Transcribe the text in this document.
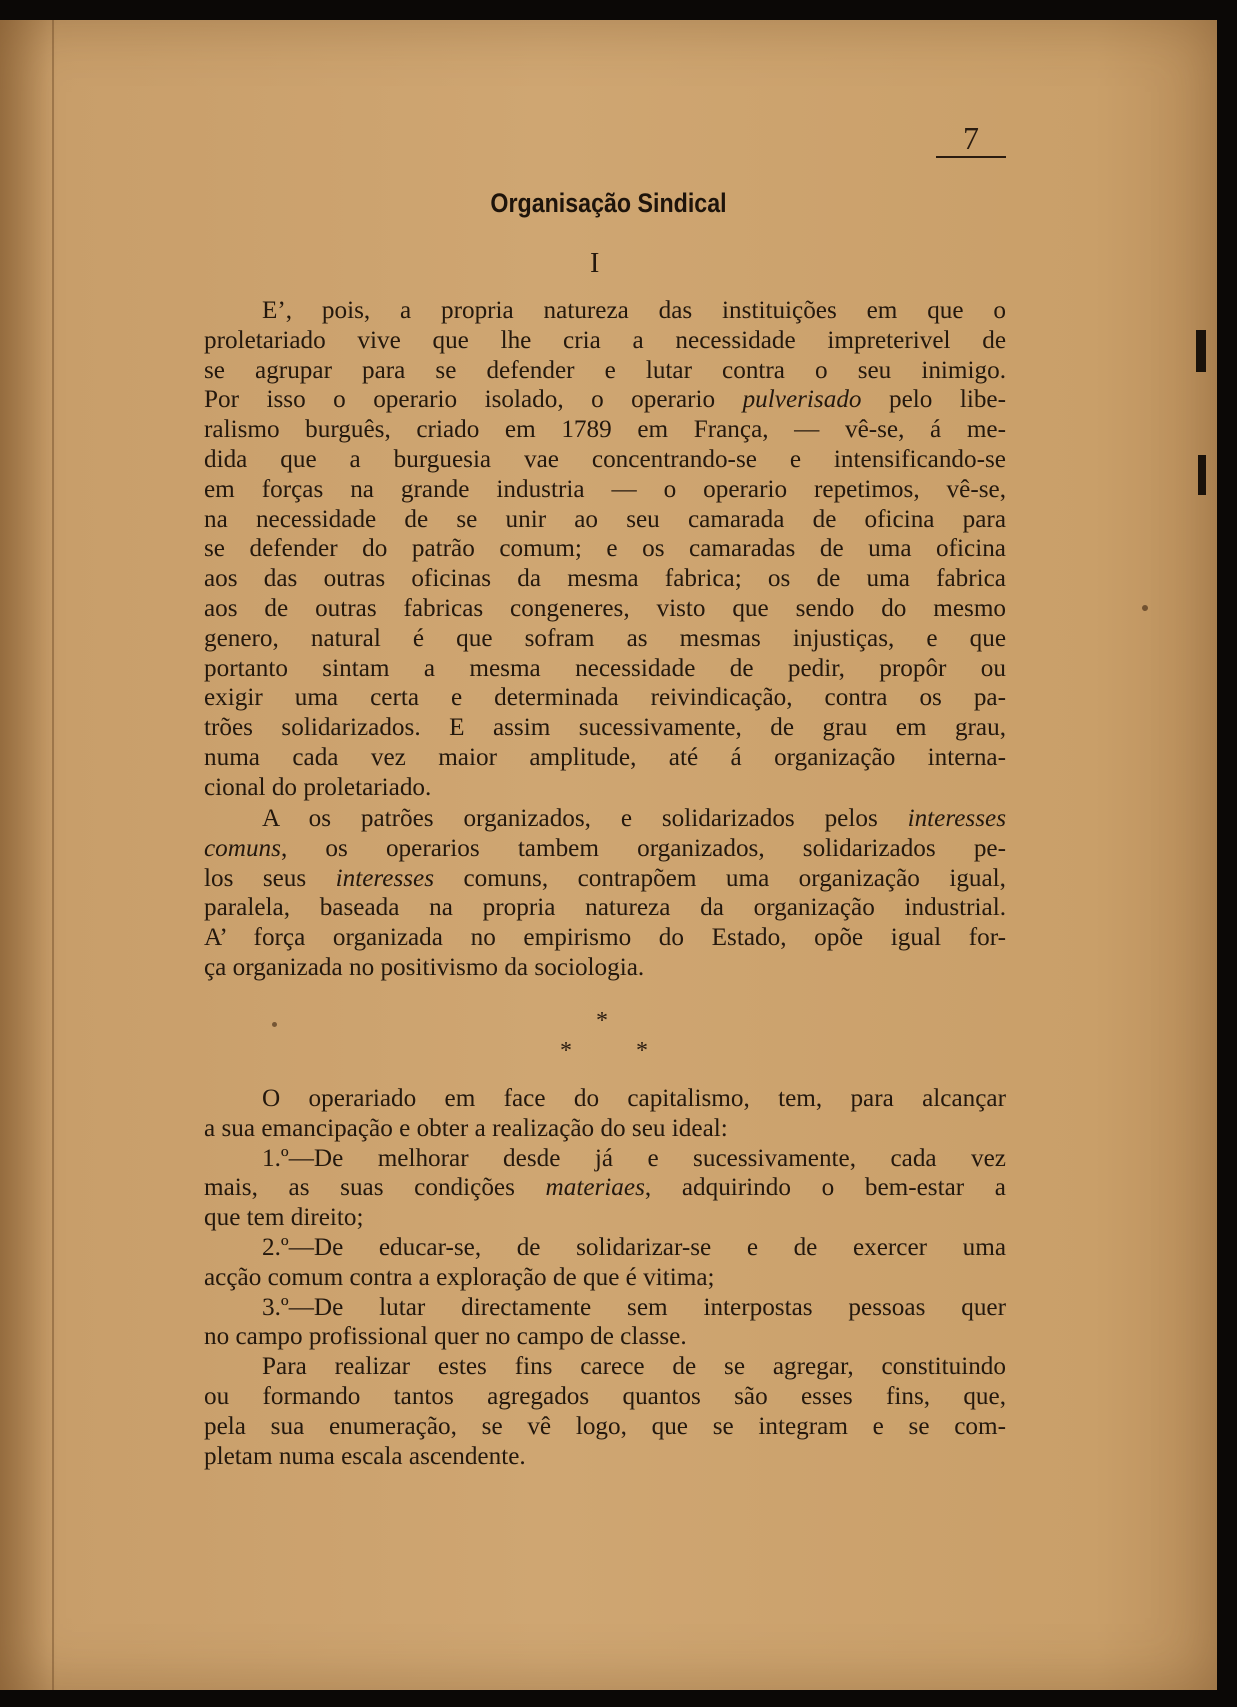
7
Organisação Sindical
I
E’, pois, a propria natureza das instituições em que o
proletariado vive que lhe cria a necessidade impreterivel de
se agrupar para se defender e lutar contra o seu inimigo.
Por isso o operario isolado, o operario pulverisado pelo libe-
ralismo burguês, criado em 1789 em França, — vê-se, á me-
dida que a burguesia vae concentrando-se e intensificando-se
em forças na grande industria — o operario repetimos, vê-se,
na necessidade de se unir ao seu camarada de oficina para
se defender do patrão comum; e os camaradas de uma oficina
aos das outras oficinas da mesma fabrica; os de uma fabrica
aos de outras fabricas congeneres, visto que sendo do mesmo
genero, natural é que sofram as mesmas injustiças, e que
portanto sintam a mesma necessidade de pedir, propôr ou
exigir uma certa e determinada reivindicação, contra os pa-
trões solidarizados. E assim sucessivamente, de grau em grau,
numa cada vez maior amplitude, até á organização interna-
cional do proletariado.
A os patrões organizados, e solidarizados pelos interesses
comuns, os operarios tambem organizados, solidarizados pe-
los seus interesses comuns, contrapõem uma organização igual,
paralela, baseada na propria natureza da organização industrial.
A’ força organizada no empirismo do Estado, opõe igual for-
ça organizada no positivismo da sociologia.
*
*	*
O operariado em face do capitalismo, tem, para alcançar
a sua emancipação e obter a realização do seu ideal:
1.º—De melhorar desde já e sucessivamente, cada vez
mais, as suas condições materiaes, adquirindo o bem-estar a
que tem direito;
2.º—De educar-se, de solidarizar-se e de exercer uma
acção comum contra a exploração de que é vitima;
3.º—De lutar directamente sem interpostas pessoas quer
no campo profissional quer no campo de classe.
Para realizar estes fins carece de se agregar, constituindo
ou formando tantos agregados quantos são esses fins, que,
pela sua enumeração, se vê logo, que se integram e se com-
pletam numa escala ascendente.
